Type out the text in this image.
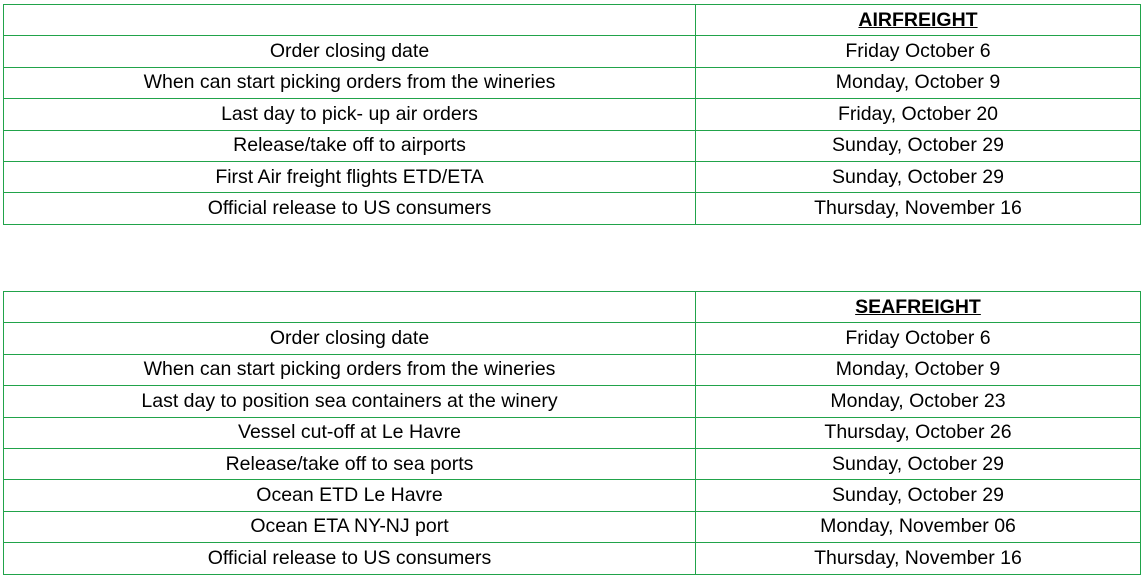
	AIRFREIGHT
Order closing date	Friday October 6
When can start picking orders from the wineries	Monday, October 9
Last day to pick- up air orders	Friday, October 20
Release/take off to airports	Sunday, October 29
First Air freight flights ETD/ETA	Sunday, October 29
Official release to US consumers	Thursday, November 16
	SEAFREIGHT
Order closing date	Friday October 6
When can start picking orders from the wineries	Monday, October 9
Last day to position sea containers at the winery	Monday, October 23
Vessel cut-off at Le Havre	Thursday, October 26
Release/take off to sea ports	Sunday, October 29
Ocean ETD Le Havre	Sunday, October 29
Ocean ETA NY-NJ port	Monday, November 06
Official release to US consumers	Thursday, November 16
